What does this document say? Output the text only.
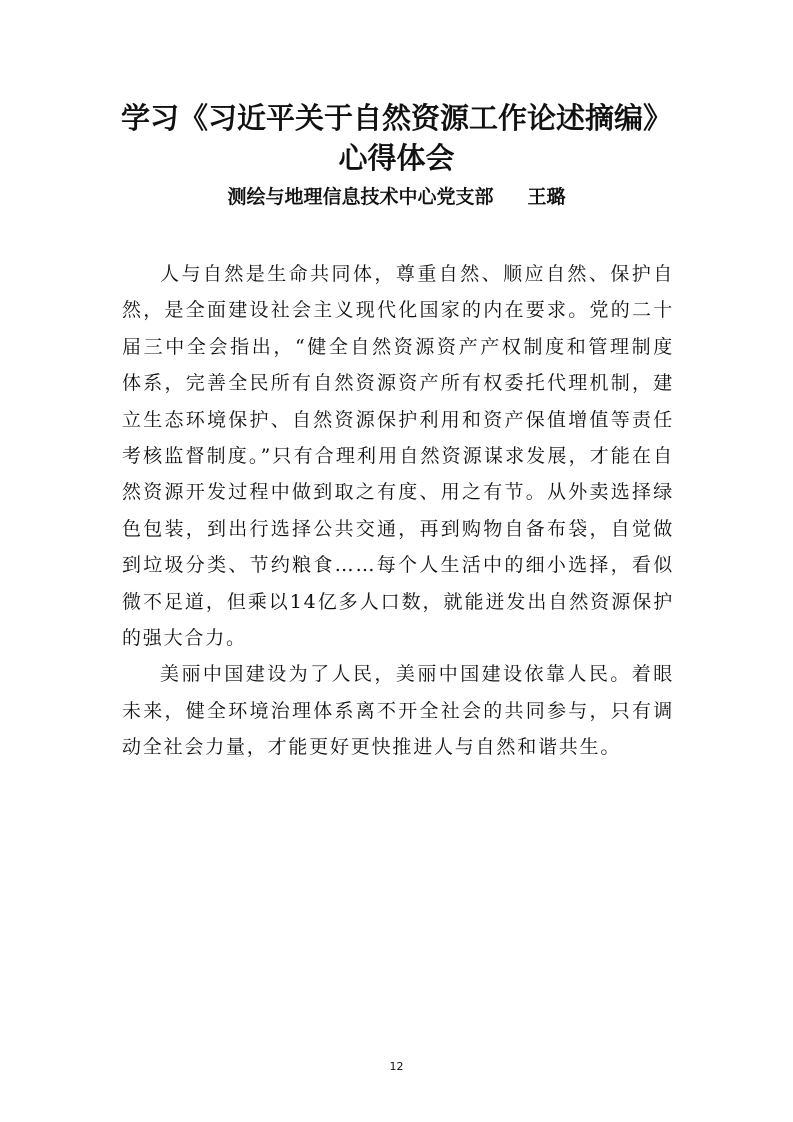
学习《习近平关于自然资源工作论述摘编》
心得体会

测绘与地理信息技术中心党支部 王璐

人与自然是生命共同体，尊重自然、顺应自然、保护自然，是全面建设社会主义现代化国家的内在要求。党的二十届三中全会指出，“健全自然资源资产产权制度和管理制度体系，完善全民所有自然资源资产所有权委托代理机制，建立生态环境保护、自然资源保护利用和资产保值增值等责任考核监督制度。”只有合理利用自然资源谋求发展，才能在自然资源开发过程中做到取之有度、用之有节。从外卖选择绿色包装，到出行选择公共交通，再到购物自备布袋，自觉做到垃圾分类、节约粮食……每个人生活中的细小选择，看似微不足道，但乘以14亿多人口数，就能迸发出自然资源保护的强大合力。

美丽中国建设为了人民，美丽中国建设依靠人民。着眼未来，健全环境治理体系离不开全社会的共同参与，只有调动全社会力量，才能更好更快推进人与自然和谐共生。

12
